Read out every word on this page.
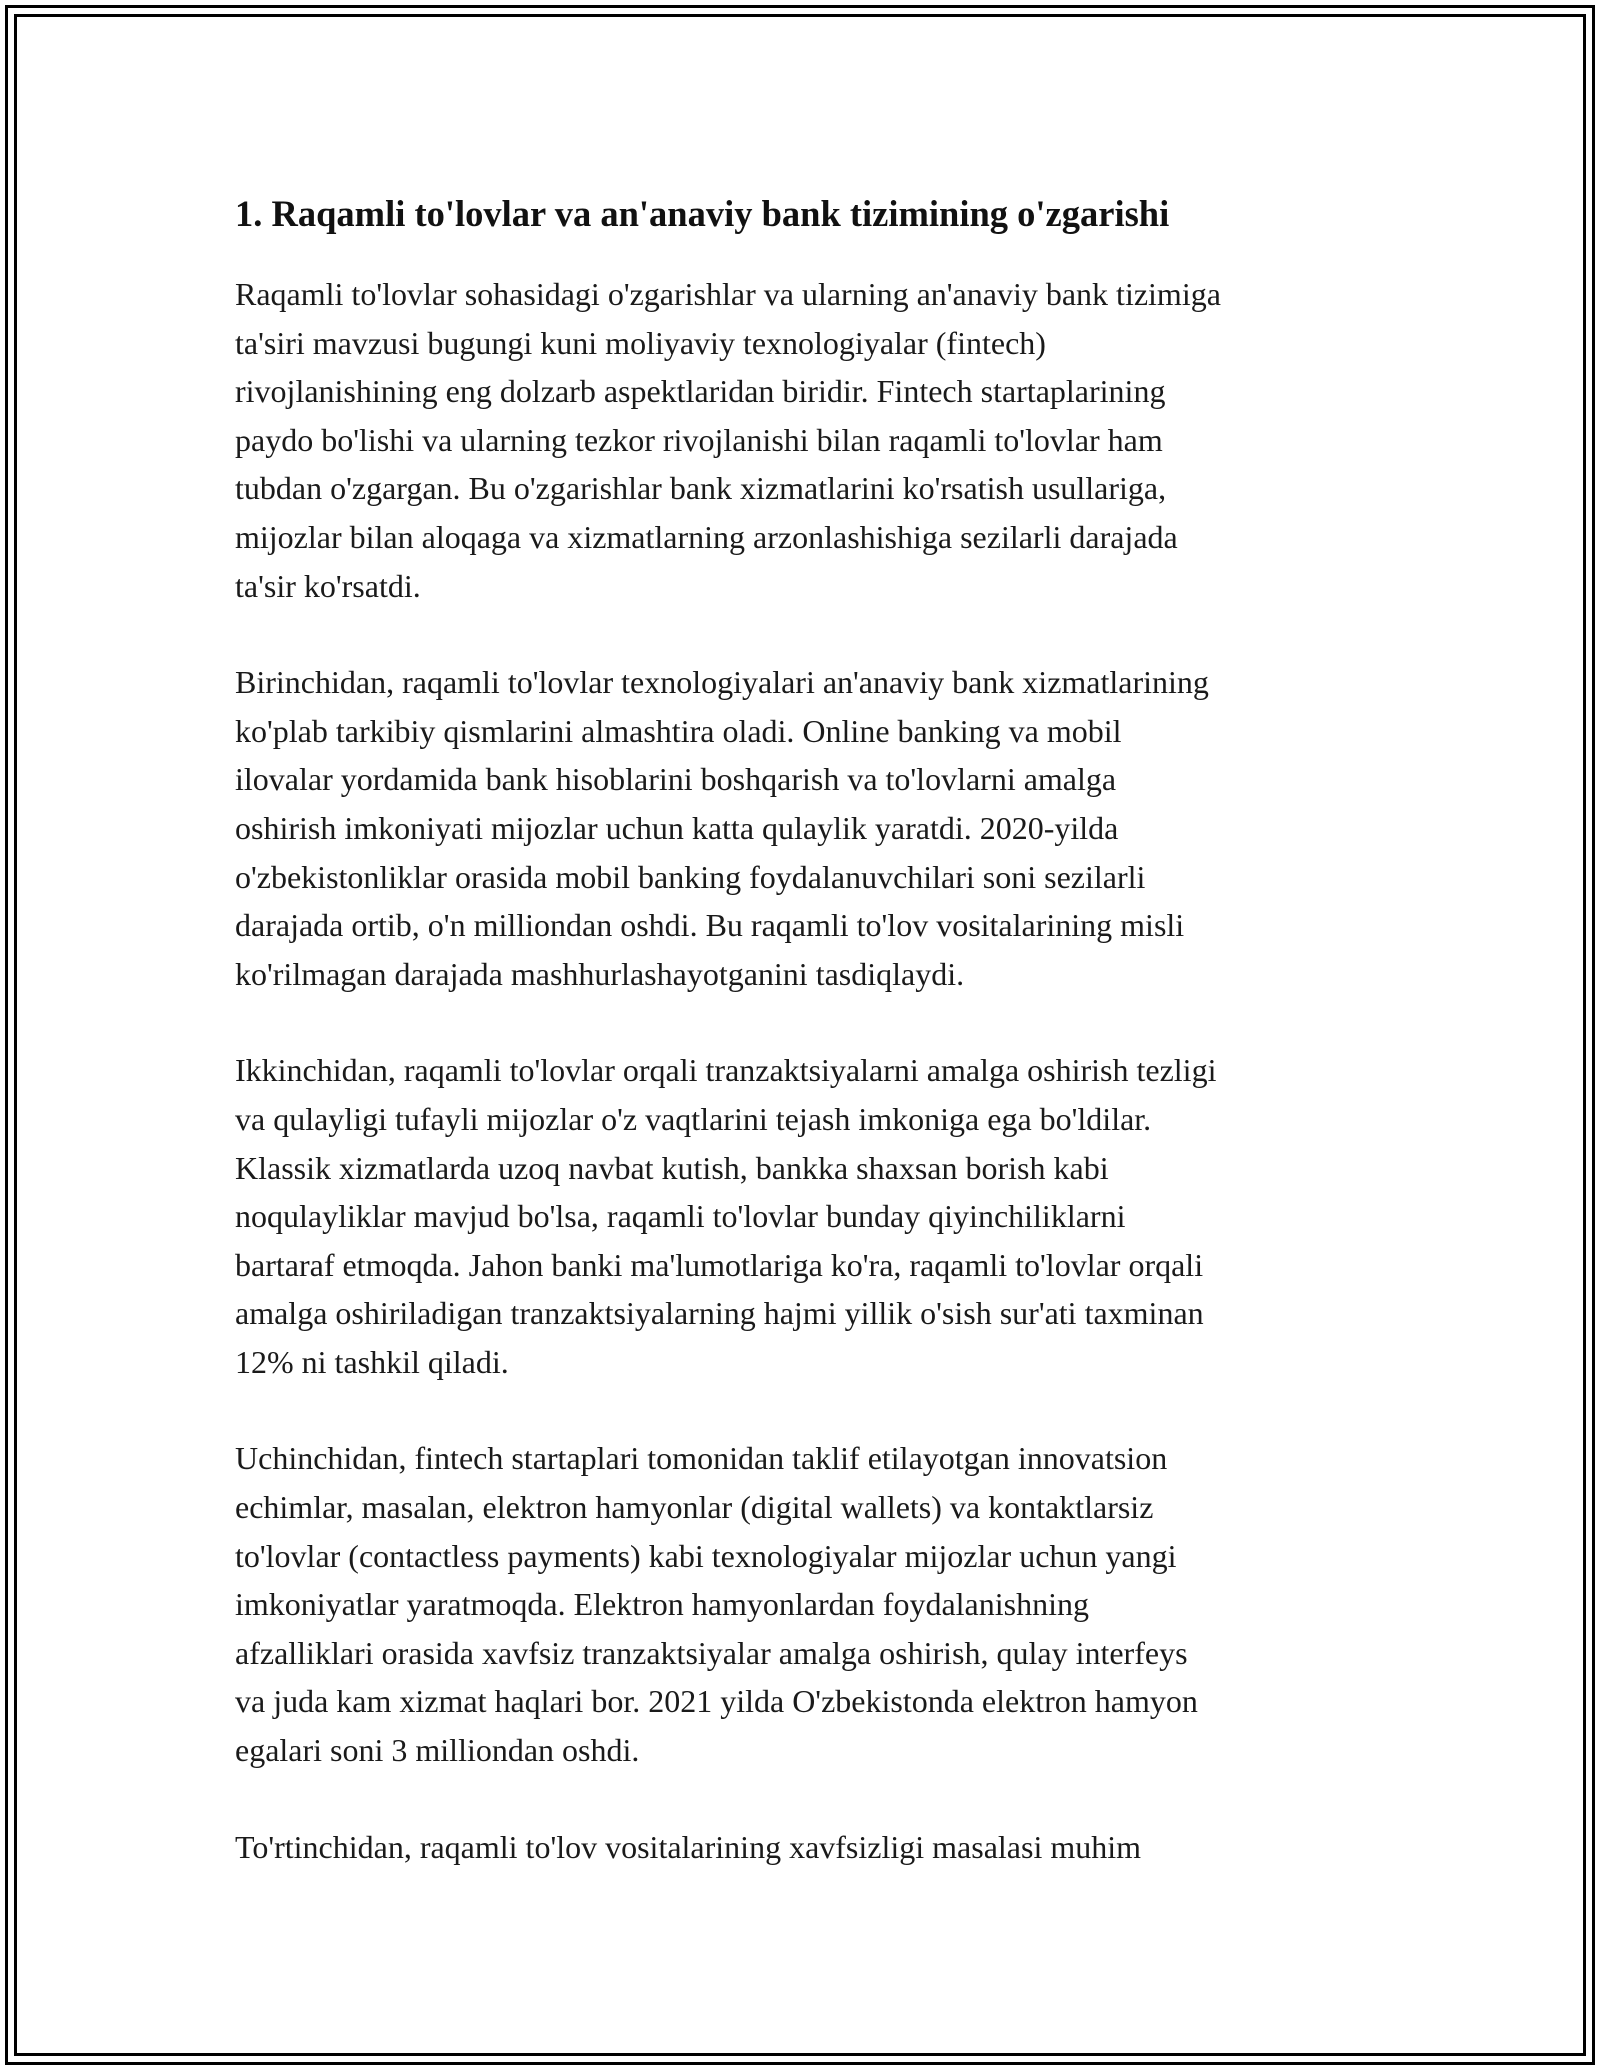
1. Raqamli to'lovlar va an'anaviy bank tizimining o'zgarishi

Raqamli to'lovlar sohasidagi o'zgarishlar va ularning an'anaviy bank tizimiga
ta'siri mavzusi bugungi kuni moliyaviy texnologiyalar (fintech)
rivojlanishining eng dolzarb aspektlaridan biridir. Fintech startaplarining
paydo bo'lishi va ularning tezkor rivojlanishi bilan raqamli to'lovlar ham
tubdan o'zgargan. Bu o'zgarishlar bank xizmatlarini ko'rsatish usullariga,
mijozlar bilan aloqaga va xizmatlarning arzonlashishiga sezilarli darajada
ta'sir ko'rsatdi.

Birinchidan, raqamli to'lovlar texnologiyalari an'anaviy bank xizmatlarining
ko'plab tarkibiy qismlarini almashtira oladi. Online banking va mobil
ilovalar yordamida bank hisoblarini boshqarish va to'lovlarni amalga
oshirish imkoniyati mijozlar uchun katta qulaylik yaratdi. 2020-yilda
o'zbekistonliklar orasida mobil banking foydalanuvchilari soni sezilarli
darajada ortib, o'n milliondan oshdi. Bu raqamli to'lov vositalarining misli
ko'rilmagan darajada mashhurlashayotganini tasdiqlaydi.

Ikkinchidan, raqamli to'lovlar orqali tranzaktsiyalarni amalga oshirish tezligi
va qulayligi tufayli mijozlar o'z vaqtlarini tejash imkoniga ega bo'ldilar.
Klassik xizmatlarda uzoq navbat kutish, bankka shaxsan borish kabi
noqulayliklar mavjud bo'lsa, raqamli to'lovlar bunday qiyinchiliklarni
bartaraf etmoqda. Jahon banki ma'lumotlariga ko'ra, raqamli to'lovlar orqali
amalga oshiriladigan tranzaktsiyalarning hajmi yillik o'sish sur'ati taxminan
12% ni tashkil qiladi.

Uchinchidan, fintech startaplari tomonidan taklif etilayotgan innovatsion
echimlar, masalan, elektron hamyonlar (digital wallets) va kontaktlarsiz
to'lovlar (contactless payments) kabi texnologiyalar mijozlar uchun yangi
imkoniyatlar yaratmoqda. Elektron hamyonlardan foydalanishning
afzalliklari orasida xavfsiz tranzaktsiyalar amalga oshirish, qulay interfeys
va juda kam xizmat haqlari bor. 2021 yilda O'zbekistonda elektron hamyon
egalari soni 3 milliondan oshdi.

To'rtinchidan, raqamli to'lov vositalarining xavfsizligi masalasi muhim
